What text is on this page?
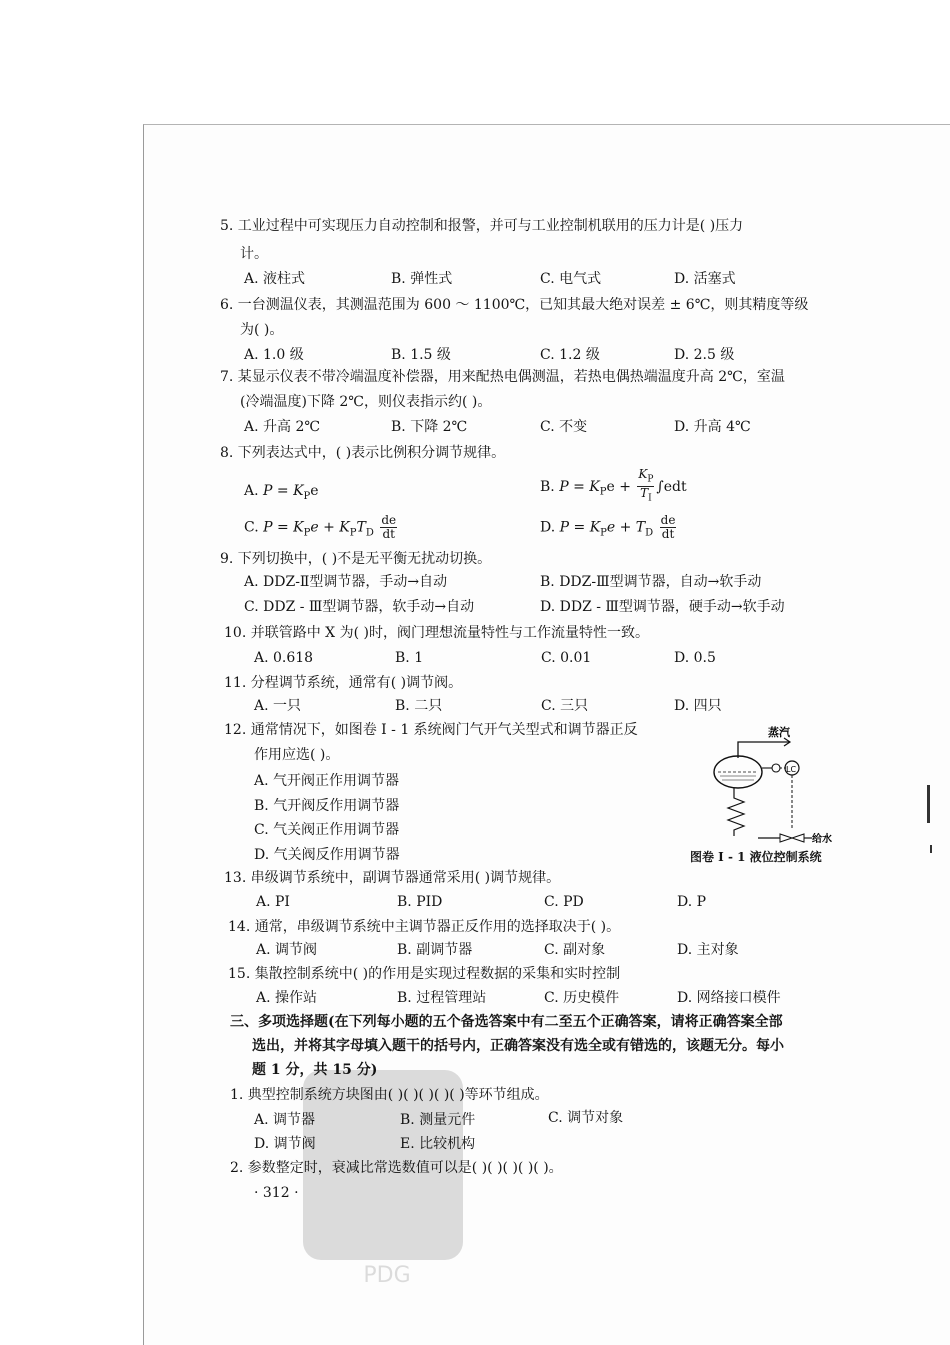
5. 工业过程中可实现压力自动控制和报警，并可与工业控制机联用的压力计是( )压力
计。
A. 液柱式	B. 弹性式	C. 电气式	D. 活塞式
6. 一台测温仪表，其测温范围为 600 ～ 1100℃，已知其最大绝对误差 ± 6℃，则其精度等级
为( )。
A. 1.0 级	B. 1.5 级	C. 1.2 级	D. 2.5 级
7. 某显示仪表不带冷端温度补偿器，用来配热电偶测温，若热电偶热端温度升高 2℃，室温
(冷端温度)下降 2℃，则仪表指示约( )。
A. 升高 2℃	B. 下降 2℃	C. 不变	D. 升高 4℃
8. 下列表达式中，( )表示比例积分调节规律。
A. $P = K_Pe$	B. $P = K_Pe + \frac{K_P}{T_I} \int edt$
C. $P = K_Pe + K_PT_D \frac{de}{dt}$	D. $P = K_Pe + T_D \frac{de}{dt}$
9. 下列切换中，( )不是无平衡无扰动切换。
A. DDZ-Ⅱ型调节器，手动→自动	B. DDZ-Ⅲ型调节器，自动→软手动
C. DDZ - Ⅲ型调节器，软手动→自动	D. DDZ - Ⅲ型调节器，硬手动→软手动
10. 并联管路中 X 为( )时，阀门理想流量特性与工作流量特性一致。
A. 0.618	B. 1	C. 0.01	D. 0.5
11. 分程调节系统，通常有( )调节阀。
A. 一只	B. 二只	C. 三只	D. 四只
12. 通常情况下，如图卷 Ⅰ - 1 系统阀门气开气关型式和调节器正反
作用应选( )。
A. 气开阀正作用调节器
B. 气开阀反作用调节器
C. 气关阀正作用调节器
D. 气关阀反作用调节器
蒸汽
LC
给水
图卷 Ⅰ - 1 液位控制系统
13. 串级调节系统中，副调节器通常采用( )调节规律。
A. PI	B. PID	C. PD	D. P
14. 通常，串级调节系统中主调节器正反作用的选择取决于( )。
A. 调节阀	B. 副调节器	C. 副对象	D. 主对象
15. 集散控制系统中( )的作用是实现过程数据的采集和实时控制
A. 操作站	B. 过程管理站	C. 历史模件	D. 网络接口模件
三、多项选择题(在下列每小题的五个备选答案中有二至五个正确答案，请将正确答案全部
选出，并将其字母填入题干的括号内，正确答案没有选全或有错选的，该题无分。每小
题 1 分，共 15 分)
1. 典型控制系统方块图由( )( )( )( )( )等环节组成。
A. 调节器	B. 测量元件	C. 调节对象
D. 调节阀	E. 比较机构
2. 参数整定时，衰减比常选数值可以是( )( )( )( )( )。
· 312 ·
